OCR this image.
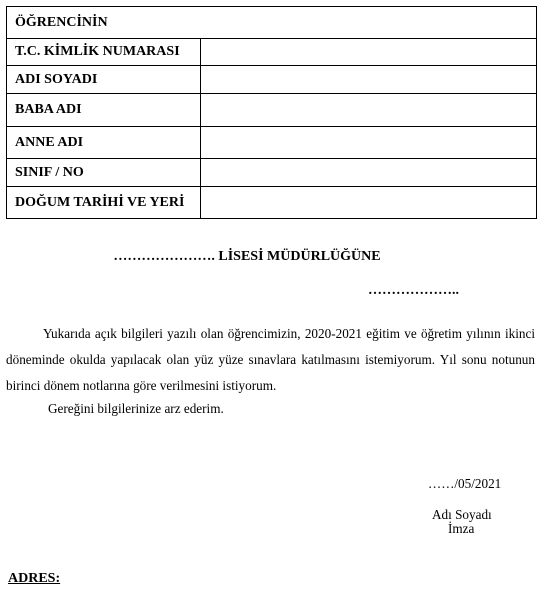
ÖĞRENCİNİN	
T.C. KİMLİK NUMARASI	
ADI SOYADI	
BABA ADI	
ANNE ADI	
SINIF / NO	
DOĞUM TARİHİ VE YERİ	
…………………. LİSESİ MÜDÜRLÜĞÜNE
………………..

Yukarıda açık bilgileri yazılı olan öğrencimizin, 2020-2021 eğitim ve öğretim yılının ikinci döneminde okulda yapılacak olan yüz yüze sınavlara katılmasını istemiyorum. Yıl sonu notunun birinci dönem notlarına göre verilmesini istiyorum.

Gereğini bilgilerinize arz ederim.
……/05/2021
Adı Soyadı
İmza
ADRES:
